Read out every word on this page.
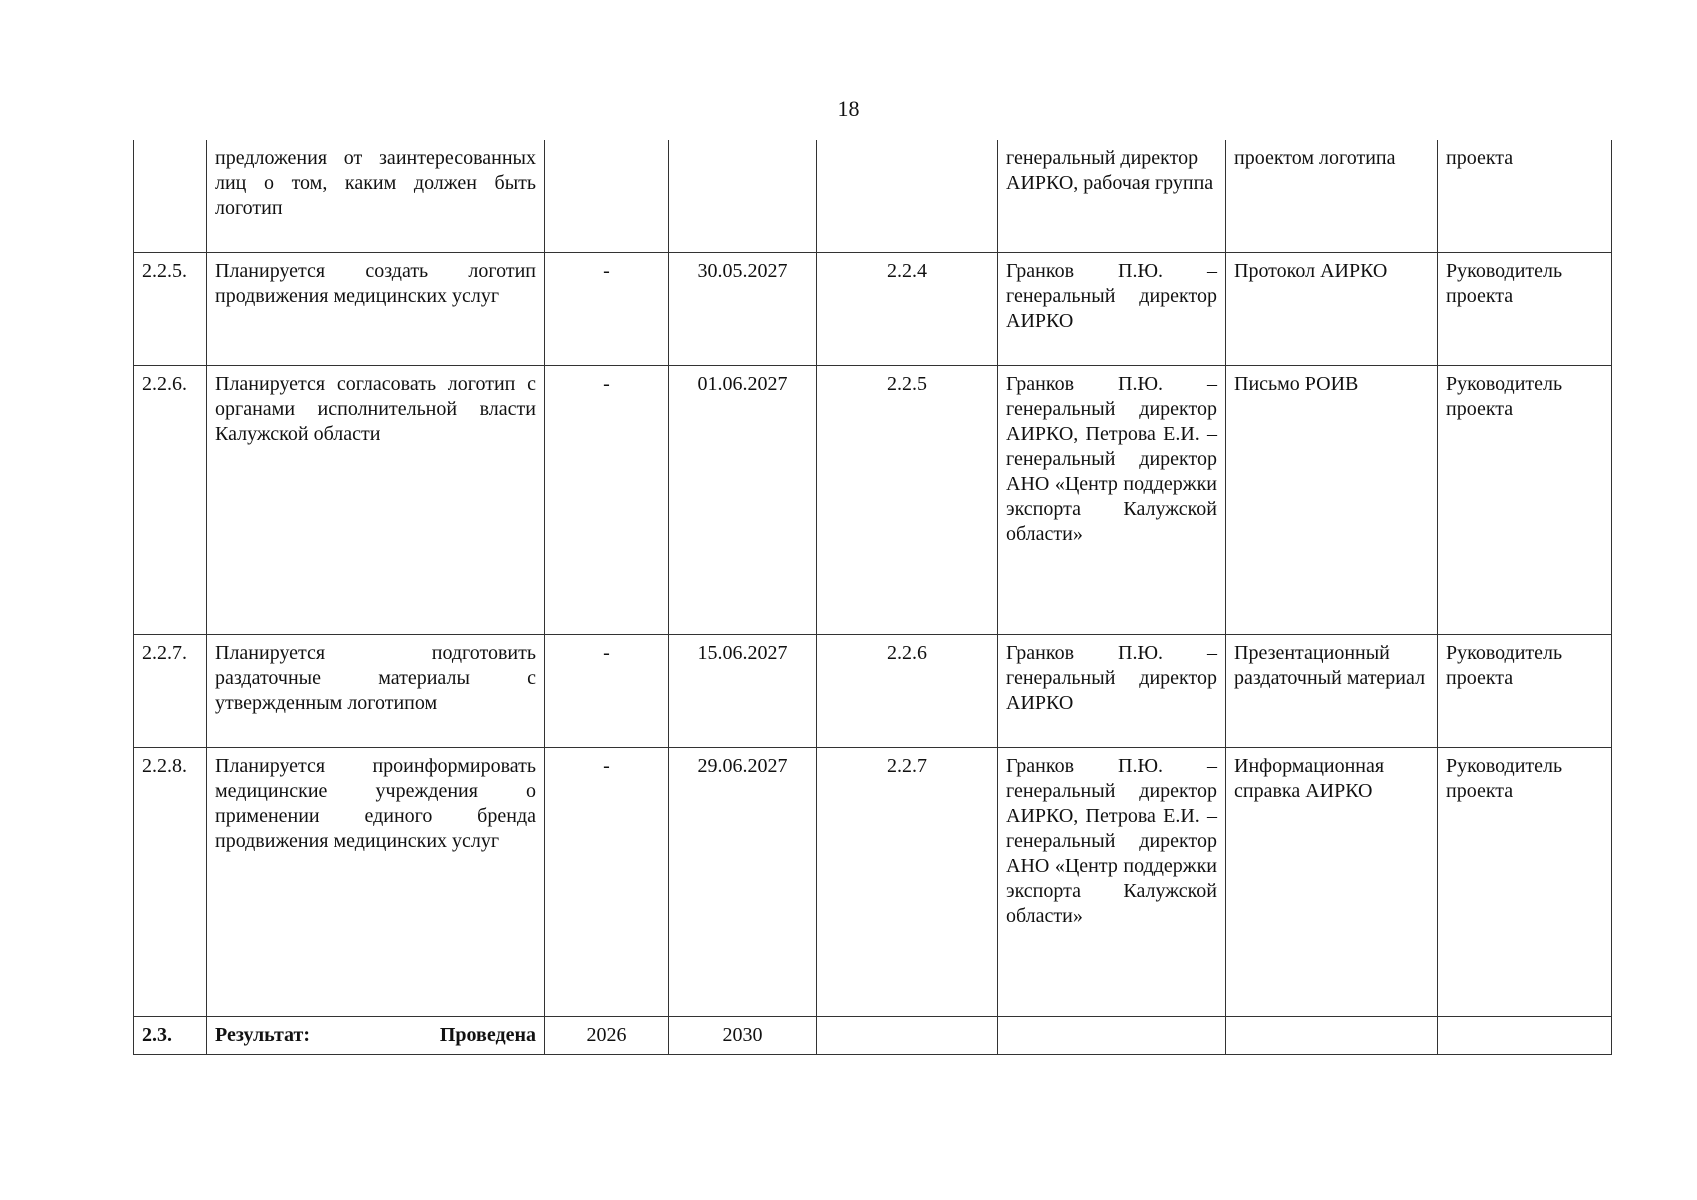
18
	предложения от заинтересованных лиц о том, каким должен быть логотип				генеральный директор АИРКО, рабочая группа	проектом логотипа	проекта
2.2.5.	Планируется создать логотип продвижения медицинских услуг	-	30.05.2027	2.2.4	Гранков П.Ю. – генеральный директор АИРКО	Протокол АИРКО	Руководитель проекта
2.2.6.	Планируется согласовать логотип с органами исполнительной власти Калужской области	-	01.06.2027	2.2.5	Гранков П.Ю. – генеральный директор АИРКО, Петрова Е.И. – генеральный директор АНО «Центр поддержки экспорта Калужской области»	Письмо РОИВ	Руководитель проекта
2.2.7.	Планируется подготовить раздаточные материалы с утвержденным логотипом	-	15.06.2027	2.2.6	Гранков П.Ю. – генеральный директор АИРКО	Презентационный раздаточный материал	Руководитель проекта
2.2.8.	Планируется проинформировать медицинские учреждения о применении единого бренда продвижения медицинских услуг	-	29.06.2027	2.2.7	Гранков П.Ю. – генеральный директор АИРКО, Петрова Е.И. – генеральный директор АНО «Центр поддержки экспорта Калужской области»	Информационная справка АИРКО	Руководитель проекта
2.3.	Результат: Проведена	2026	2030				
